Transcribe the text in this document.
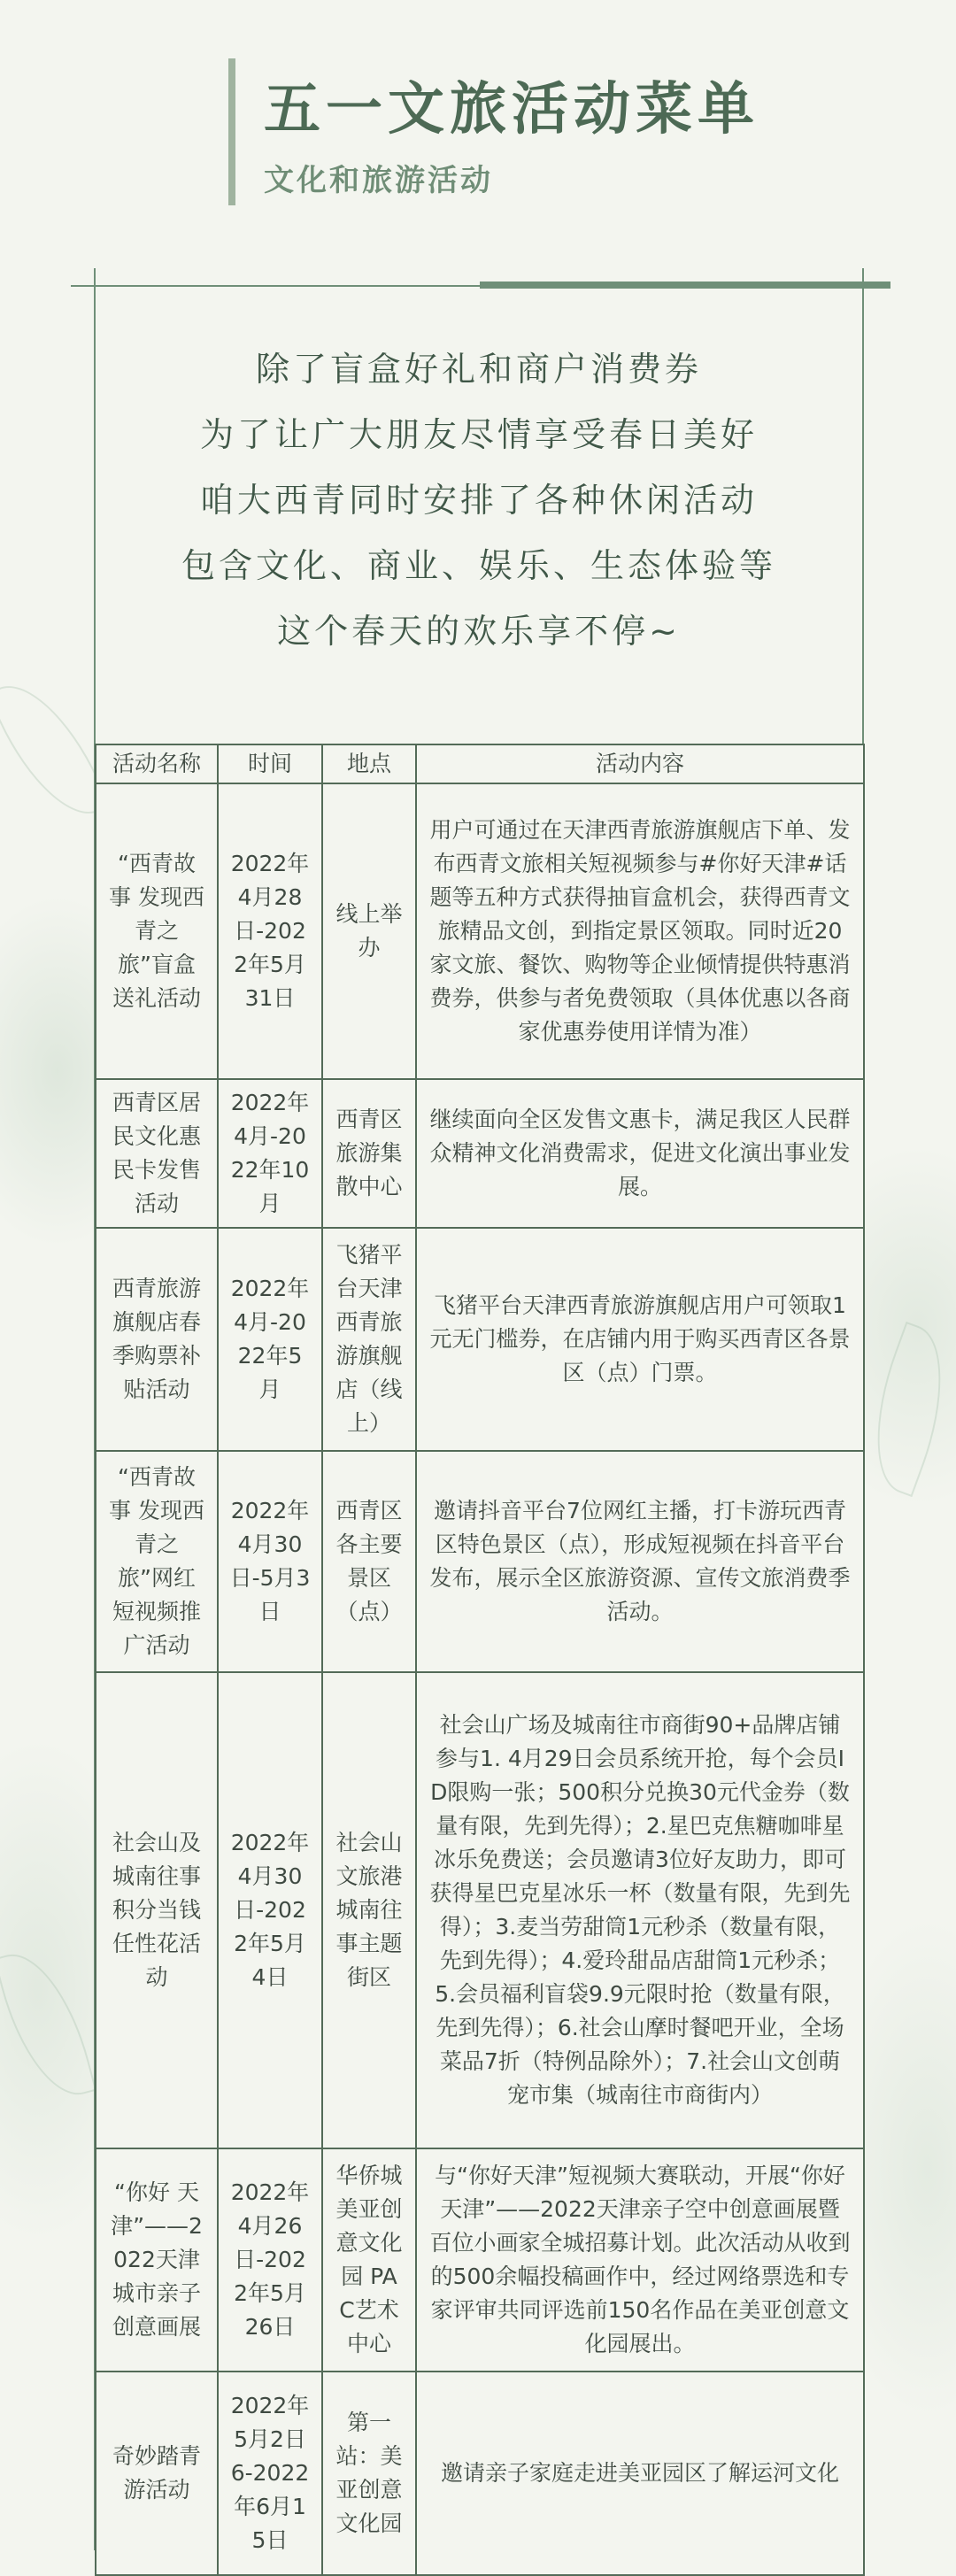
五一文旅活动菜单
文化和旅游活动
除了盲盒好礼和商户消费券
为了让广大朋友尽情享受春日美好
咱大西青同时安排了各种休闲活动
包含文化、商业、娱乐、生态体验等
这个春天的欢乐享不停~
活动名称	时间	地点	活动内容
“西青故事 发现西青之旅”盲盒送礼活动	2022年4月28日-2022年5月31日	线上举办	用户可通过在天津西青旅游旗舰店下单、发布西青文旅相关短视频参与#你好天津#话题等五种方式获得抽盲盒机会，获得西青文旅精品文创，到指定景区领取。同时近20家文旅、餐饮、购物等企业倾情提供特惠消费券，供参与者免费领取（具体优惠以各商家优惠券使用详情为准）
西青区居民文化惠民卡发售活动	2022年4月-2022年10月	西青区旅游集散中心	继续面向全区发售文惠卡，满足我区人民群众精神文化消费需求，促进文化演出事业发展。
西青旅游旗舰店春季购票补贴活动	2022年4月-2022年5月	飞猪平台天津西青旅游旗舰店（线上）	飞猪平台天津西青旅游旗舰店用户可领取1元无门槛券，在店铺内用于购买西青区各景区（点）门票。
“西青故事 发现西青之旅”网红短视频推广活动	2022年4月30日-5月3日	西青区各主要景区（点）	邀请抖音平台7位网红主播，打卡游玩西青区特色景区（点），形成短视频在抖音平台发布，展示全区旅游资源、宣传文旅消费季活动。
社会山及城南往事积分当钱任性花活动	2022年4月30日-2022年5月4日	社会山文旅港城南往事主题街区	社会山广场及城南往市商街90+品牌店铺参与1. 4月29日会员系统开抢，每个会员ID限购一张；500积分兑换30元代金券（数量有限，先到先得）；2.星巴克焦糖咖啡星冰乐免费送；会员邀请3位好友助力，即可获得星巴克星冰乐一杯（数量有限，先到先得）；3.麦当劳甜筒1元秒杀（数量有限，先到先得）；4.爱玲甜品店甜筒1元秒杀；5.会员福利盲袋9.9元限时抢（数量有限，先到先得）；6.社会山摩时餐吧开业，全场菜品7折（特例品除外）；7.社会山文创萌宠市集（城南往市商街内）
“你好 天津”——2022天津城市亲子创意画展	2022年4月26日-2022年5月26日	华侨城美亚创意文化园 PAC艺术中心	与“你好天津”短视频大赛联动，开展“你好天津”——2022天津亲子空中创意画展暨百位小画家全城招募计划。此次活动从收到的500余幅投稿画作中，经过网络票选和专家评审共同评选前150名作品在美亚创意文化园展出。
奇妙踏青游活动	2022年5月2日6-2022年6月15日	第一站：美亚创意文化园	邀请亲子家庭走进美亚园区了解运河文化
